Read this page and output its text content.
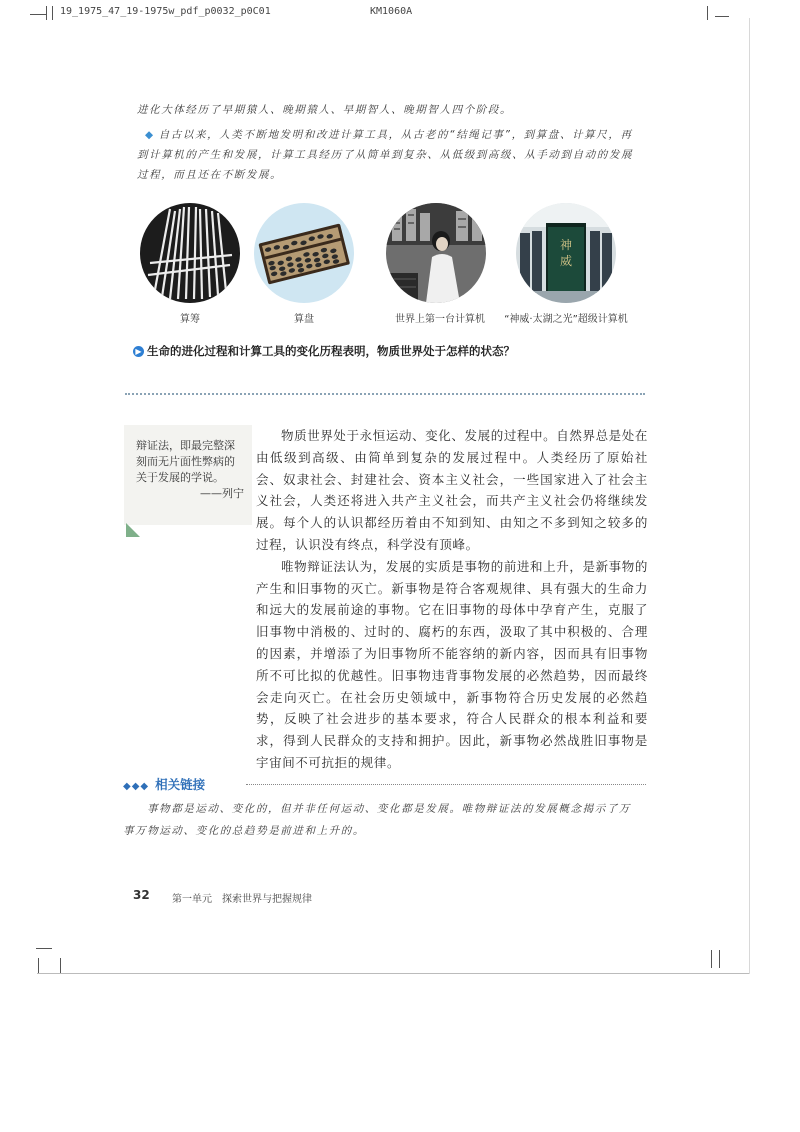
19_1975_47_19-1975w_pdf_p0032_p0C01	KM1060A
进化大体经历了早期猿人、晚期猿人、早期智人、晚期智人四个阶段。
◆ 自古以来，人类不断地发明和改进计算工具，从古老的“结绳记事”，到算盘、计算尺，再到计算机的产生和发展，计算工具经历了从简单到复杂、从低级到高级、从手动到自动的发展过程，而且还在不断发展。
算筹	算盘	世界上第一台计算机
神
威
“神威·太湖之光”超级计算机
▶ 生命的进化过程和计算工具的变化历程表明，物质世界处于怎样的状态？
辩证法，即最完整深刻而无片面性弊病的关于发展的学说。
——列宁

物质世界处于永恒运动、变化、发展的过程中。自然界总是处在由低级到高级、由简单到复杂的发展过程中。人类经历了原始社会、奴隶社会、封建社会、资本主义社会，一些国家进入了社会主义社会，人类还将进入共产主义社会，而共产主义社会仍将继续发展。每个人的认识都经历着由不知到知、由知之不多到知之较多的过程，认识没有终点，科学没有顶峰。

唯物辩证法认为，发展的实质是事物的前进和上升，是新事物的产生和旧事物的灭亡。新事物是符合客观规律、具有强大的生命力和远大的发展前途的事物。它在旧事物的母体中孕育产生，克服了旧事物中消极的、过时的、腐朽的东西，汲取了其中积极的、合理的因素，并增添了为旧事物所不能容纳的新内容，因而具有旧事物所不可比拟的优越性。旧事物违背事物发展的必然趋势，因而最终会走向灭亡。在社会历史领域中，新事物符合历史发展的必然趋势，反映了社会进步的基本要求，符合人民群众的根本利益和要求，得到人民群众的支持和拥护。因此，新事物必然战胜旧事物是宇宙间不可抗拒的规律。

◆◆◆ 相关链接
事物都是运动、变化的，但并非任何运动、变化都是发展。唯物辩证法的发展概念揭示了万
事万物运动、变化的总趋势是前进和上升的。
32 第一单元　探索世界与把握规律
